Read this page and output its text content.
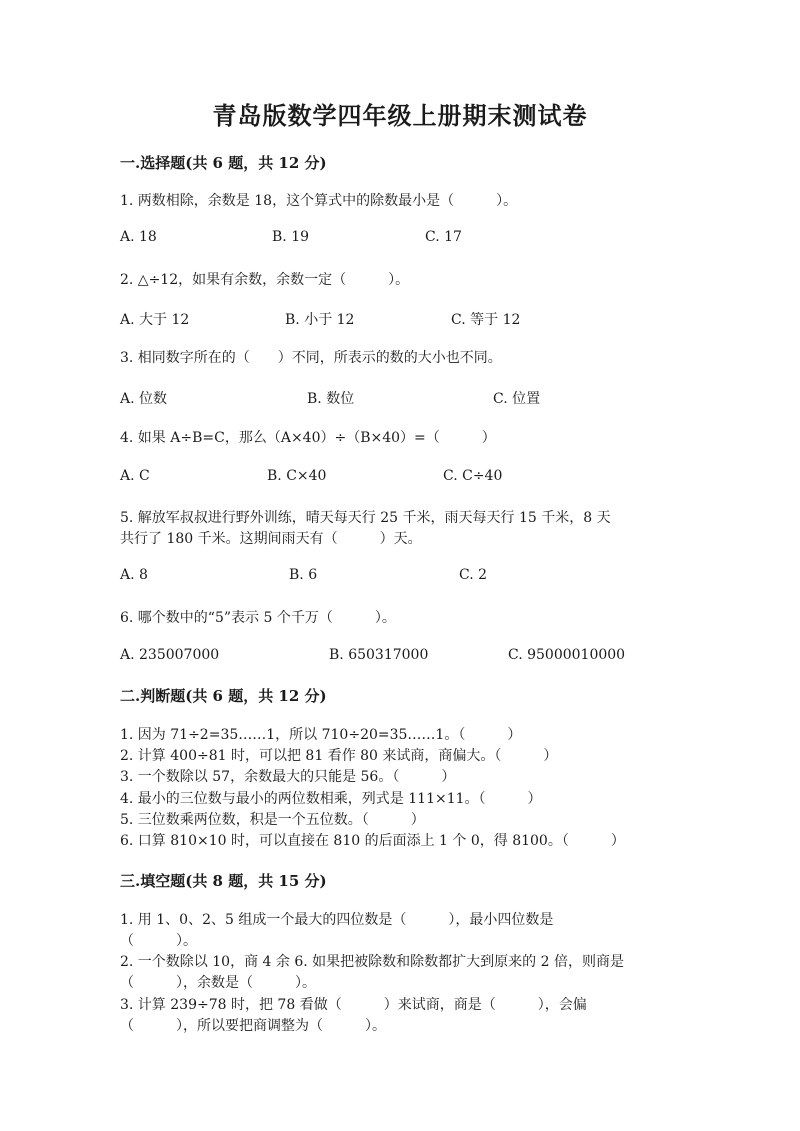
青岛版数学四年级上册期末测试卷
一.选择题(共 6 题，共 12 分)
1. 两数相除，余数是 18，这个算式中的除数最小是（　　　）。
A. 18	B. 19	C. 17
2. △÷12，如果有余数，余数一定（　　　）。
A. 大于 12	B. 小于 12	C. 等于 12
3. 相同数字所在的（　　）不同，所表示的数的大小也不同。
A. 位数	B. 数位	C. 位置
4. 如果 A÷B=C，那么（A×40）÷（B×40）=（　　　）
A. C	B. C×40	C. C÷40
5. 解放军叔叔进行野外训练，晴天每天行 25 千米，雨天每天行 15 千米，8 天
共行了 180 千米。这期间雨天有（　　　）天。
A. 8	B. 6	C. 2
6. 哪个数中的“5”表示 5 个千万（　　　）。
A. 235007000	B. 650317000	C. 95000010000
二.判断题(共 6 题，共 12 分)
1. 因为 71÷2=35……1，所以 710÷20=35……1。（　　　）
2. 计算 400÷81 时，可以把 81 看作 80 来试商，商偏大。（　　　）
3. 一个数除以 57，余数最大的只能是 56。（　　　）
4. 最小的三位数与最小的两位数相乘，列式是 111×11。（　　　）
5. 三位数乘两位数，积是一个五位数。（　　　）
6. 口算 810×10 时，可以直接在 810 的后面添上 1 个 0，得 8100。（　　　）
三.填空题(共 8 题，共 15 分)
1. 用 1、0、2、5 组成一个最大的四位数是（　　　），最小四位数是
（　　　）。
2. 一个数除以 10，商 4 余 6. 如果把被除数和除数都扩大到原来的 2 倍，则商是
（　　　），余数是（　　　）。
3. 计算 239÷78 时，把 78 看做（　　　）来试商，商是（　　　），会偏
（　　　），所以要把商调整为（　　　）。
